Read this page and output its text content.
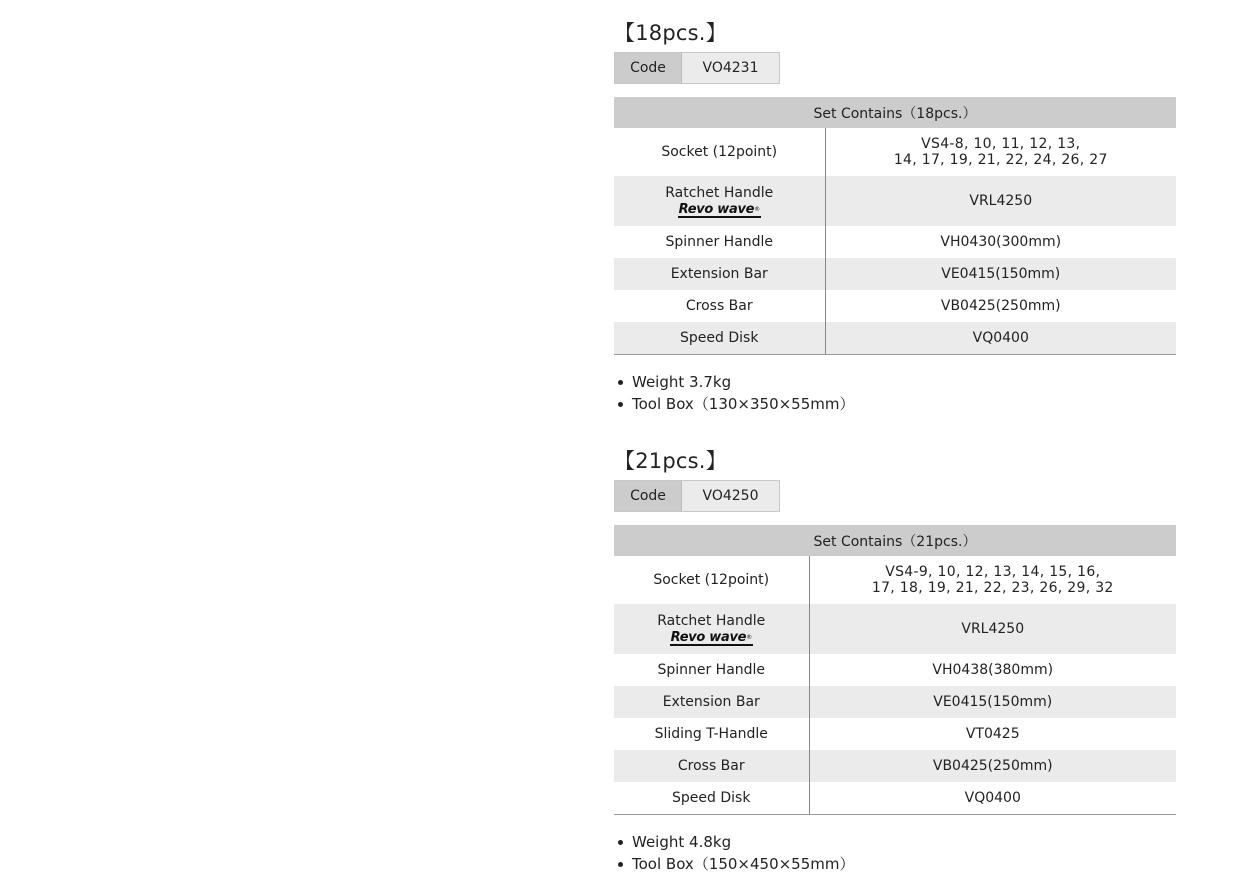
【18pcs.】
Code	VO4231
Set Contains（18pcs.）	
Socket (12point)	VS4-8, 10, 11, 12, 13,
14, 17, 19, 21, 22, 24, 26, 27

Ratchet Handle
Revo wave®	VRL4250
Spinner Handle	VH0430(300mm)
Extension Bar	VE0415(150mm)
Cross Bar	VB0425(250mm)
Speed Disk	VQ0400
Weight 3.7kg
Tool Box（130×350×55mm）
【21pcs.】
Code	VO4250
Set Contains（21pcs.）	
Socket (12point)	VS4-9, 10, 12, 13, 14, 15, 16,
17, 18, 19, 21, 22, 23, 26, 29, 32

Ratchet Handle
Revo wave®	VRL4250
Spinner Handle	VH0438(380mm)
Extension Bar	VE0415(150mm)
Sliding T-Handle	VT0425
Cross Bar	VB0425(250mm)
Speed Disk	VQ0400
Weight 4.8kg
Tool Box（150×450×55mm）
